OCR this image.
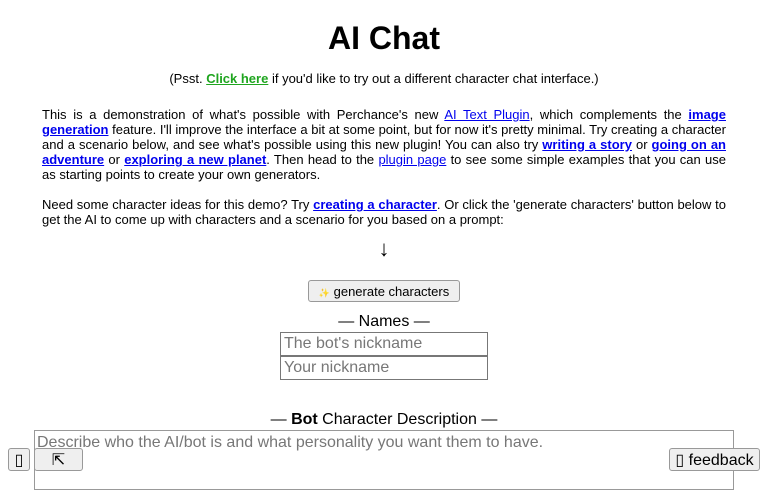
AI Chat
(Psst. Click here if you'd like to try out a different character chat interface.)

This is a demonstration of what's possible with Perchance's new AI Text Plugin, which complements the image generation feature. I'll improve the interface a bit at some point, but for now it's pretty minimal. Try creating a character and a scenario below, and see what's possible using this new plugin! You can also try writing a story or going on an adventure or exploring a new planet. Then head to the plugin page to see some simple examples that you can use as starting points to create your own generators.

Need some character ideas for this demo? Try creating a character. Or click the 'generate characters' button below to get the AI to come up with characters and a scenario for you based on a prompt:

↓
✨ generate characters
— Names —
The bot's nickname
Your nickname
— Bot Character Description —
Describe who the AI/bot is and what personality you want them to have.
▯	⇱	▯ feedback
